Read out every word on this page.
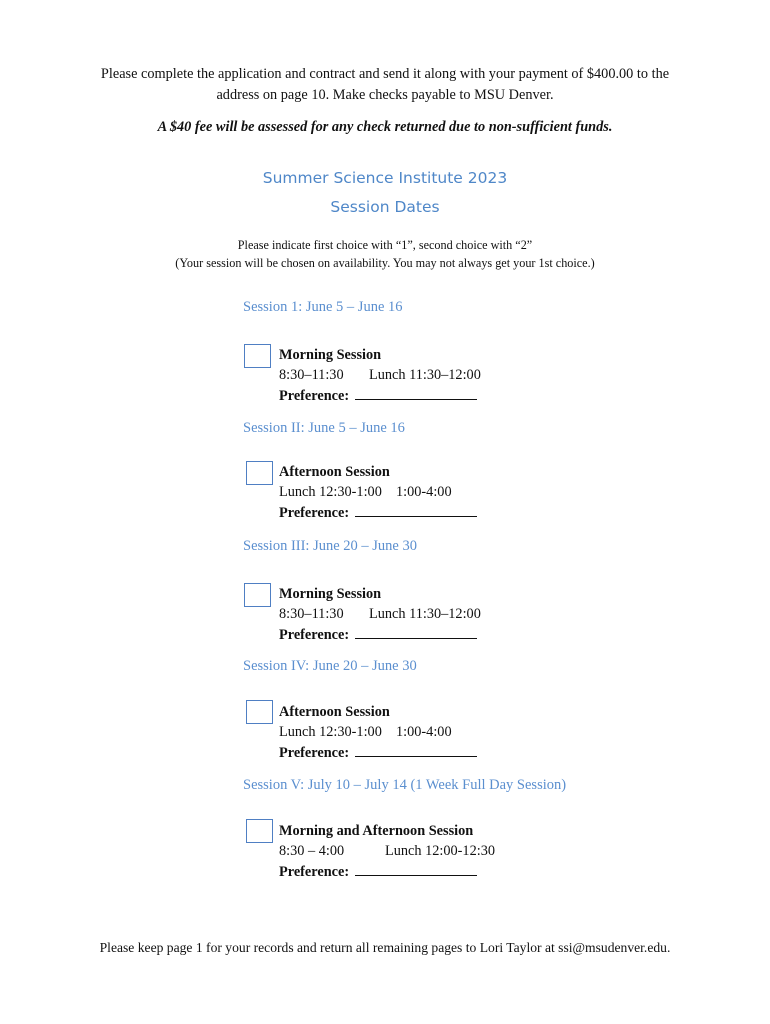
Please complete the application and contract and send it along with your payment of $400.00 to the
address on page 10. Make checks payable to MSU Denver.
A $40 fee will be assessed for any check returned due to non-sufficient funds.
Summer Science Institute 2023
Session Dates
Please indicate first choice with “1”, second choice with “2”
(Your session will be chosen on availability. You may not always get your 1st choice.)
Session 1: June 5 – June 16
Morning Session
8:30–11:30 Lunch 11:30–12:00
Preference:
Session II: June 5 – June 16
Afternoon Session
Lunch 12:30-1:00 1:00-4:00
Preference:
Session III: June 20 – June 30
Morning Session
8:30–11:30 Lunch 11:30–12:00
Preference:
Session IV: June 20 – June 30
Afternoon Session
Lunch 12:30-1:00 1:00-4:00
Preference:
Session V: July 10 – July 14 (1 Week Full Day Session)
Morning and Afternoon Session
8:30 – 4:00	Lunch 12:00-12:30
Preference:
Please keep page 1 for your records and return all remaining pages to Lori Taylor at ssi@msudenver.edu.
